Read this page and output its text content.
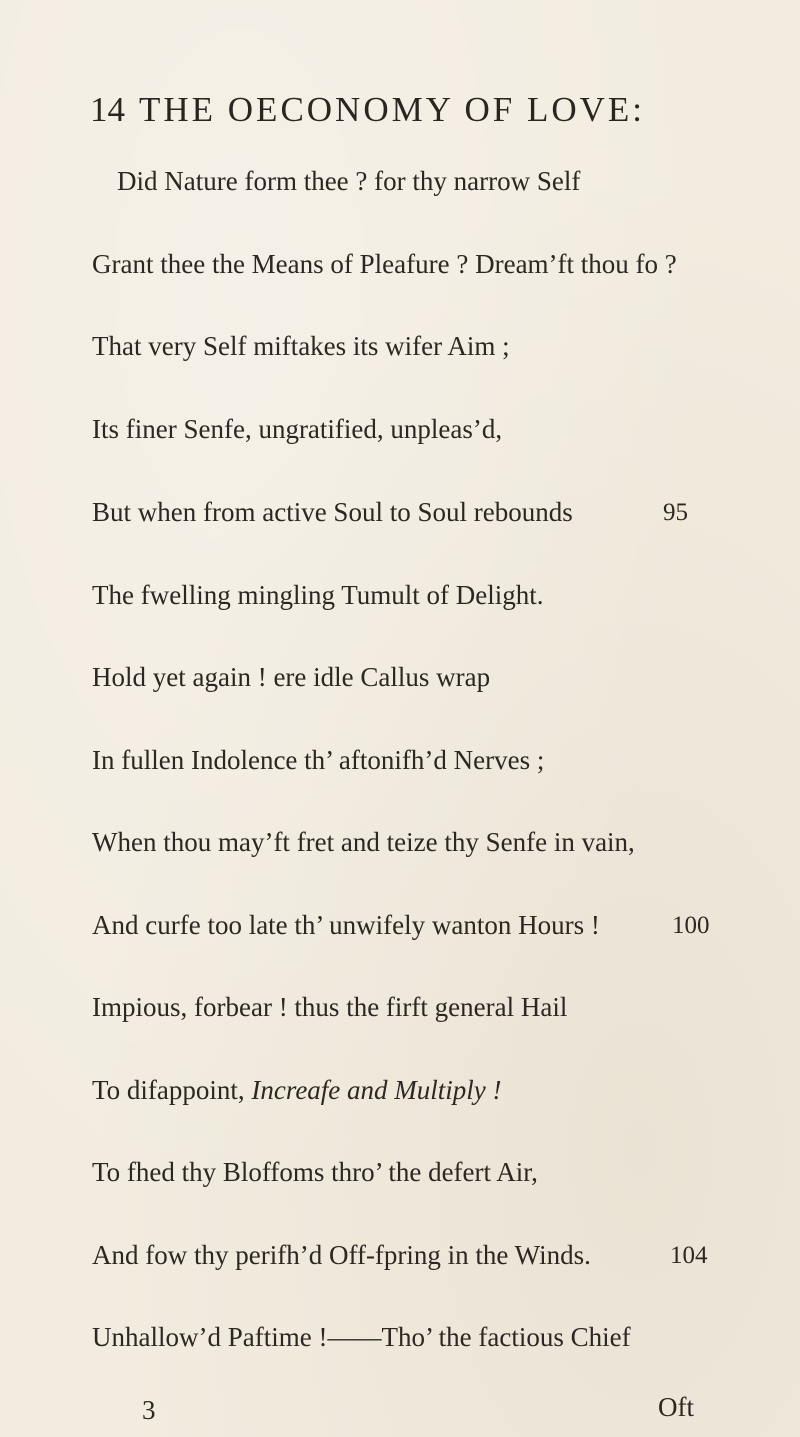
14 THE OECONOMY OF LOVE:
Did Nature form thee ? for thy narrow Self
Grant thee the Means of Pleafure ? Dream’ft thou fo ?
That very Self miftakes its wifer Aim ;
Its finer Senfe, ungratified, unpleas’d,
But when from active Soul to Soul rebounds	95
The fwelling mingling Tumult of Delight.
Hold yet again ! ere idle Callus wrap
In fullen Indolence th’ aftonifh’d Nerves ;
When thou may’ft fret and teize thy Senfe in vain,
And curfe too late th’ unwifely wanton Hours !	100
Impious, forbear ! thus the firft general Hail
To difappoint, Increafe and Multiply !
To fhed thy Bloffoms thro’ the defert Air,
And fow thy perifh’d Off-fpring in the Winds.	104
Unhallow’d Paftime !——Tho’ the factious Chief
3	Oft
